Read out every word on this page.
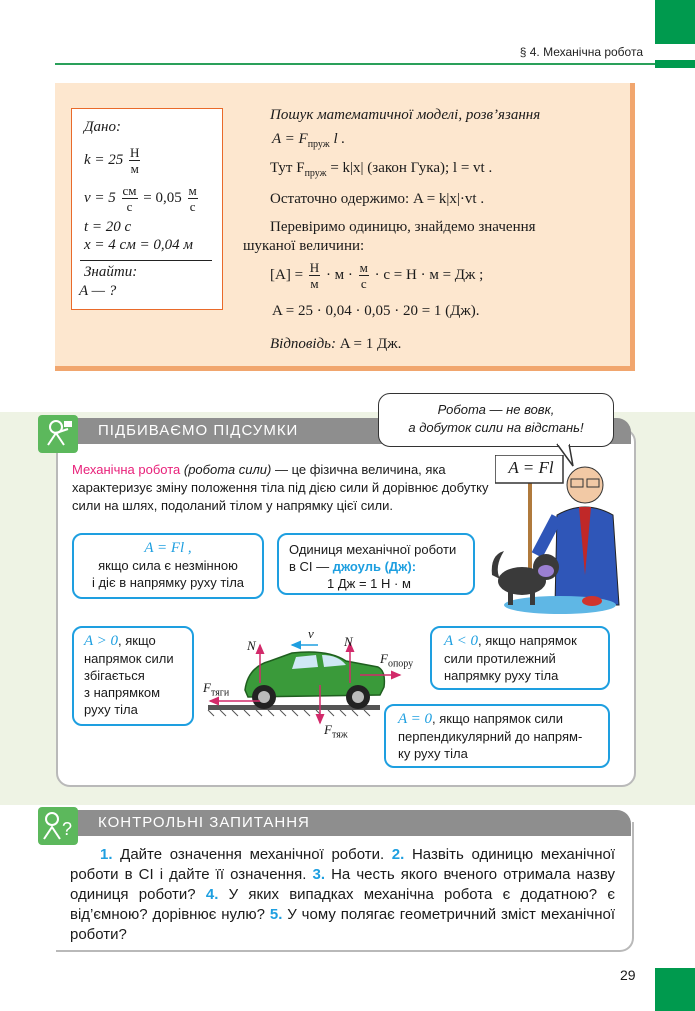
§ 4. Механічна робота
Дано:
$k = 25 \frac{Н}{м}$
$v = 5 \frac{см}{с} = 0,05 \frac{м}{с}$
t = 20 с
x = 4 см = 0,04 м
Знайти:
A — ?
Пошук математичної моделі, розв’язання
$A = F_{пруж}$ l .
Тут $F_{пруж} = k|x|$ (закон Гука); l = vt .
Остаточно одержимо: A = k|x|·vt .
Перевіримо одиницю, знайдемо значення
шуканої величини:
$[A] = \frac{Н}{м} \cdot м \cdot \frac{м}{с} \cdot с = Н \cdot м$ = Дж ;
A = 25 · 0,04 · 0,05 · 20 = 1 (Дж).
Відповідь: A = 1 Дж.
ПІДБИВАЄМО ПІДСУМКИ
Робота — не вовк,
а добуток сили на відстань!
A = Fl
Механічна робота (робота сили) — це фізична величина, яка характеризує зміну положення тіла під дією сили й дорівнює добутку сили на шлях, подоланий тілом у напрямку цієї сили.
A = Fl ,
якщо сила є незмінною
і діє в напрямку руху тіла
Одиниця механічної роботи
в СІ — джоуль (Дж):
1 Дж = 1 Н · м
A > 0, якщо
напрямок сили
збігається
з напрямком
руху тіла
N	N
v
$F_{опору}$
$F_{тяги}$
$F_{тяж}$
A < 0, якщо напрямок
сили протилежний
напрямку руху тіла
A = 0, якщо напрямок сили
перпендикулярний до напрям-
ку руху тіла
КОНТРОЛЬНІ ЗАПИТАННЯ
?
1. Дайте означення механічної роботи. 2. Назвіть одиницю механічної роботи в СІ і дайте її означення. 3. На честь якого вченого отримала назву одиниця роботи? 4. У яких випадках механічна робота є додатною? є від’ємною? дорівнює нулю? 5. У чому полягає геометричний зміст механічної роботи?
29
